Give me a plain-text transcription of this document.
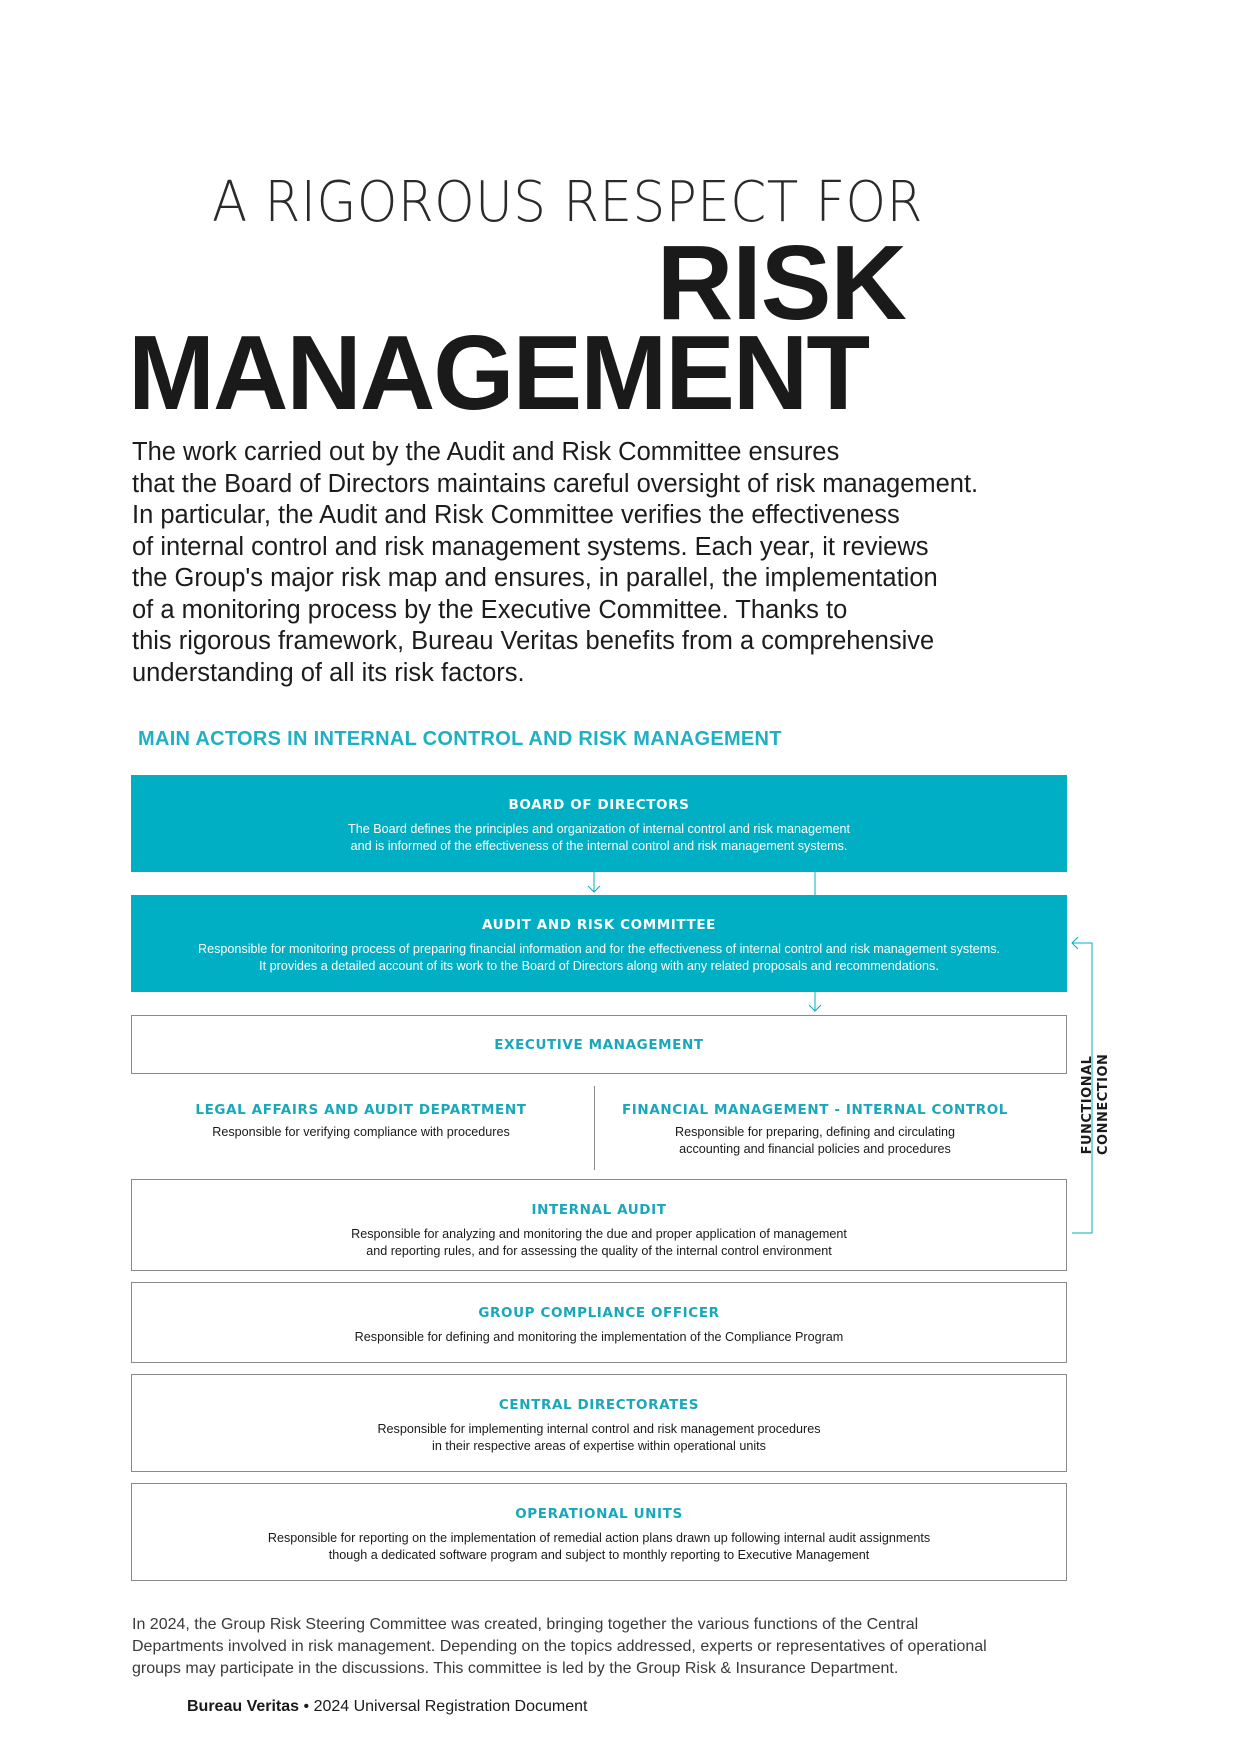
A RIGOROUS RESPECT FOR
RISK
MANAGEMENT
The work carried out by the Audit and Risk Committee ensures
that the Board of Directors maintains careful oversight of risk management.
In particular, the Audit and Risk Committee verifies the effectiveness
of internal control and risk management systems. Each year, it reviews
the Group's major risk map and ensures, in parallel, the implementation
of a monitoring process by the Executive Committee. Thanks to
this rigorous framework, Bureau Veritas benefits from a comprehensive
understanding of all its risk factors.
MAIN ACTORS IN INTERNAL CONTROL AND RISK MANAGEMENT
BOARD OF DIRECTORS
The Board defines the principles and organization of internal control and risk management
and is informed of the effectiveness of the internal control and risk management systems.
AUDIT AND RISK COMMITTEE
Responsible for monitoring process of preparing financial information and for the effectiveness of internal control and risk management systems.
It provides a detailed account of its work to the Board of Directors along with any related proposals and recommendations.
EXECUTIVE MANAGEMENT
LEGAL AFFAIRS AND AUDIT DEPARTMENT
Responsible for verifying compliance with procedures
FINANCIAL MANAGEMENT - INTERNAL CONTROL
Responsible for preparing, defining and circulating
accounting and financial policies and procedures
INTERNAL AUDIT
Responsible for analyzing and monitoring the due and proper application of management
and reporting rules, and for assessing the quality of the internal control environment
GROUP COMPLIANCE OFFICER
Responsible for defining and monitoring the implementation of the Compliance Program
CENTRAL DIRECTORATES
Responsible for implementing internal control and risk management procedures
in their respective areas of expertise within operational units
OPERATIONAL UNITS
Responsible for reporting on the implementation of remedial action plans drawn up following internal audit assignments
though a dedicated software program and subject to monthly reporting to Executive Management
FUNCTIONAL CONNECTION
In 2024, the Group Risk Steering Committee was created, bringing together the various functions of the Central
Departments involved in risk management. Depending on the topics addressed, experts or representatives of operational
groups may participate in the discussions. This committee is led by the Group Risk & Insurance Department.
Bureau Veritas • 2024 Universal Registration Document
